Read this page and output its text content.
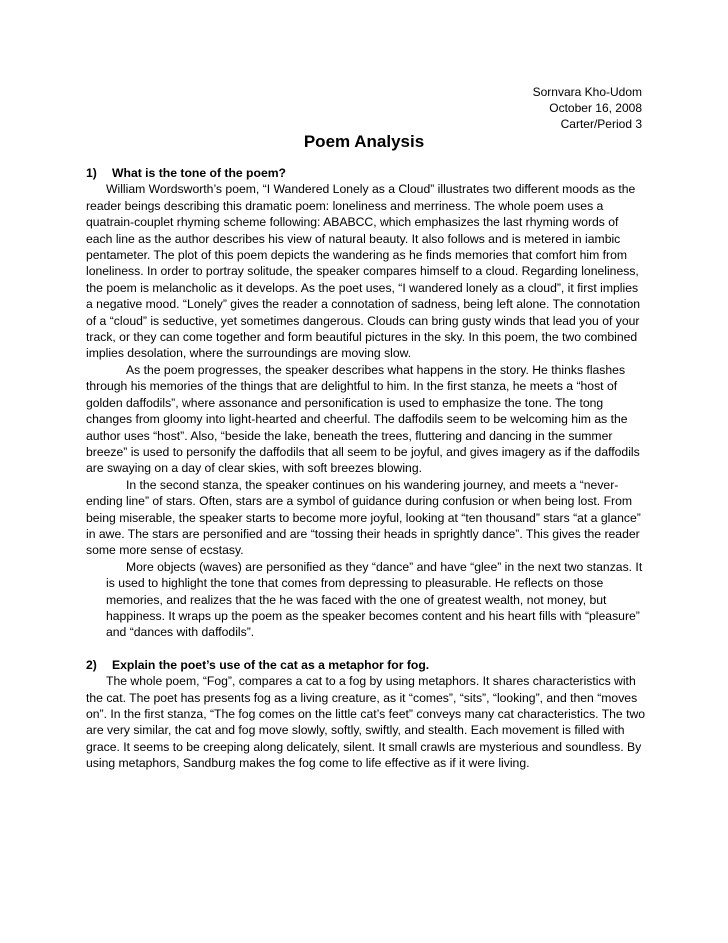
Sornvara Kho-Udom
October 16, 2008
Carter/Period 3
Poem Analysis
1) What is the tone of the poem?

William Wordsworth’s poem, “I Wandered Lonely as a Cloud” illustrates two different moods as the reader beings describing this dramatic poem: loneliness and merriness. The whole poem uses a quatrain-couplet rhyming scheme following: ABABCC, which emphasizes the last rhyming words of each line as the author describes his view of natural beauty. It also follows and is metered in iambic pentameter. The plot of this poem depicts the wandering as he finds memories that comfort him from loneliness. In order to portray solitude, the speaker compares himself to a cloud. Regarding loneliness, the poem is melancholic as it develops. As the poet uses, “I wandered lonely as a cloud”, it first implies a negative mood. “Lonely” gives the reader a connotation of sadness, being left alone. The connotation of a “cloud” is seductive, yet sometimes dangerous. Clouds can bring gusty winds that lead you of your track, or they can come together and form beautiful pictures in the sky. In this poem, the two combined implies desolation, where the surroundings are moving slow.

As the poem progresses, the speaker describes what happens in the story. He thinks flashes through his memories of the things that are delightful to him. In the first stanza, he meets a “host of golden daffodils”, where assonance and personification is used to emphasize the tone. The tong changes from gloomy into light-hearted and cheerful. The daffodils seem to be welcoming him as the author uses “host”. Also, “beside the lake, beneath the trees, fluttering and dancing in the summer breeze” is used to personify the daffodils that all seem to be joyful, and gives imagery as if the daffodils are swaying on a day of clear skies, with soft breezes blowing.

In the second stanza, the speaker continues on his wandering journey, and meets a “never-ending line” of stars. Often, stars are a symbol of guidance during confusion or when being lost. From being miserable, the speaker starts to become more joyful, looking at “ten thousand” stars “at a glance” in awe. The stars are personified and are “tossing their heads in sprightly dance”. This gives the reader some more sense of ecstasy.

More objects (waves) are personified as they “dance” and have “glee” in the next two stanzas. It is used to highlight the tone that comes from depressing to pleasurable. He reflects on those memories, and realizes that the he was faced with the one of greatest wealth, not money, but happiness. It wraps up the poem as the speaker becomes content and his heart fills with “pleasure” and “dances with daffodils”.

2) Explain the poet’s use of the cat as a metaphor for fog.

The whole poem, “Fog”, compares a cat to a fog by using metaphors. It shares characteristics with the cat. The poet has presents fog as a living creature, as it “comes”, “sits”, “looking”, and then “moves on”. In the first stanza, “The fog comes on the little cat’s feet” conveys many cat characteristics. The two are very similar, the cat and fog move slowly, softly, swiftly, and stealth. Each movement is filled with grace. It seems to be creeping along delicately, silent. It small crawls are mysterious and soundless. By using metaphors, Sandburg makes the fog come to life effective as if it were living.
